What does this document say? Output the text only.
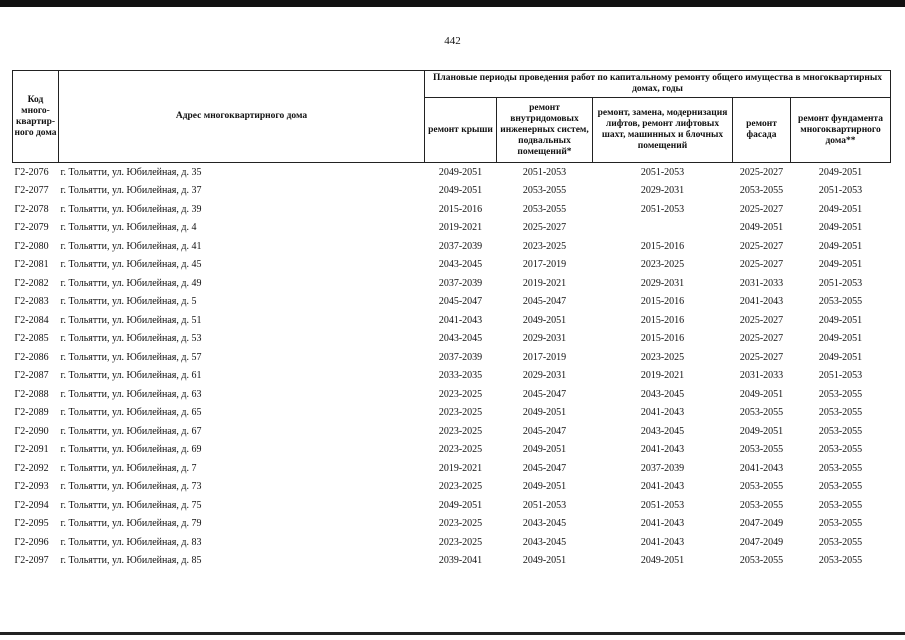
442
Код много-квартир-ного дома	Адрес многоквартирного дома	Плановые периоды проведения работ по капитальному ремонту общего имущества в многоквартирных домах, годы				
		ремонт крыши	ремонт внутридомовых инженерных систем, подвальных помещений*	ремонт, замена, модернизация лифтов, ремонт лифтовых шахт, машинных и блочных помещений	ремонт фасада	ремонт фундамента многоквартирного дома**
Г2-2076	г. Тольятти, ул. Юбилейная, д. 35	2049-2051	2051-2053	2051-2053	2025-2027	2049-2051
Г2-2077	г. Тольятти, ул. Юбилейная, д. 37	2049-2051	2053-2055	2029-2031	2053-2055	2051-2053
Г2-2078	г. Тольятти, ул. Юбилейная, д. 39	2015-2016	2053-2055	2051-2053	2025-2027	2049-2051
Г2-2079	г. Тольятти, ул. Юбилейная, д. 4	2019-2021	2025-2027		2049-2051	2049-2051
Г2-2080	г. Тольятти, ул. Юбилейная, д. 41	2037-2039	2023-2025	2015-2016	2025-2027	2049-2051
Г2-2081	г. Тольятти, ул. Юбилейная, д. 45	2043-2045	2017-2019	2023-2025	2025-2027	2049-2051
Г2-2082	г. Тольятти, ул. Юбилейная, д. 49	2037-2039	2019-2021	2029-2031	2031-2033	2051-2053
Г2-2083	г. Тольятти, ул. Юбилейная, д. 5	2045-2047	2045-2047	2015-2016	2041-2043	2053-2055
Г2-2084	г. Тольятти, ул. Юбилейная, д. 51	2041-2043	2049-2051	2015-2016	2025-2027	2049-2051
Г2-2085	г. Тольятти, ул. Юбилейная, д. 53	2043-2045	2029-2031	2015-2016	2025-2027	2049-2051
Г2-2086	г. Тольятти, ул. Юбилейная, д. 57	2037-2039	2017-2019	2023-2025	2025-2027	2049-2051
Г2-2087	г. Тольятти, ул. Юбилейная, д. 61	2033-2035	2029-2031	2019-2021	2031-2033	2051-2053
Г2-2088	г. Тольятти, ул. Юбилейная, д. 63	2023-2025	2045-2047	2043-2045	2049-2051	2053-2055
Г2-2089	г. Тольятти, ул. Юбилейная, д. 65	2023-2025	2049-2051	2041-2043	2053-2055	2053-2055
Г2-2090	г. Тольятти, ул. Юбилейная, д. 67	2023-2025	2045-2047	2043-2045	2049-2051	2053-2055
Г2-2091	г. Тольятти, ул. Юбилейная, д. 69	2023-2025	2049-2051	2041-2043	2053-2055	2053-2055
Г2-2092	г. Тольятти, ул. Юбилейная, д. 7	2019-2021	2045-2047	2037-2039	2041-2043	2053-2055
Г2-2093	г. Тольятти, ул. Юбилейная, д. 73	2023-2025	2049-2051	2041-2043	2053-2055	2053-2055
Г2-2094	г. Тольятти, ул. Юбилейная, д. 75	2049-2051	2051-2053	2051-2053	2053-2055	2053-2055
Г2-2095	г. Тольятти, ул. Юбилейная, д. 79	2023-2025	2043-2045	2041-2043	2047-2049	2053-2055
Г2-2096	г. Тольятти, ул. Юбилейная, д. 83	2023-2025	2043-2045	2041-2043	2047-2049	2053-2055
Г2-2097	г. Тольятти, ул. Юбилейная, д. 85	2039-2041	2049-2051	2049-2051	2053-2055	2053-2055
